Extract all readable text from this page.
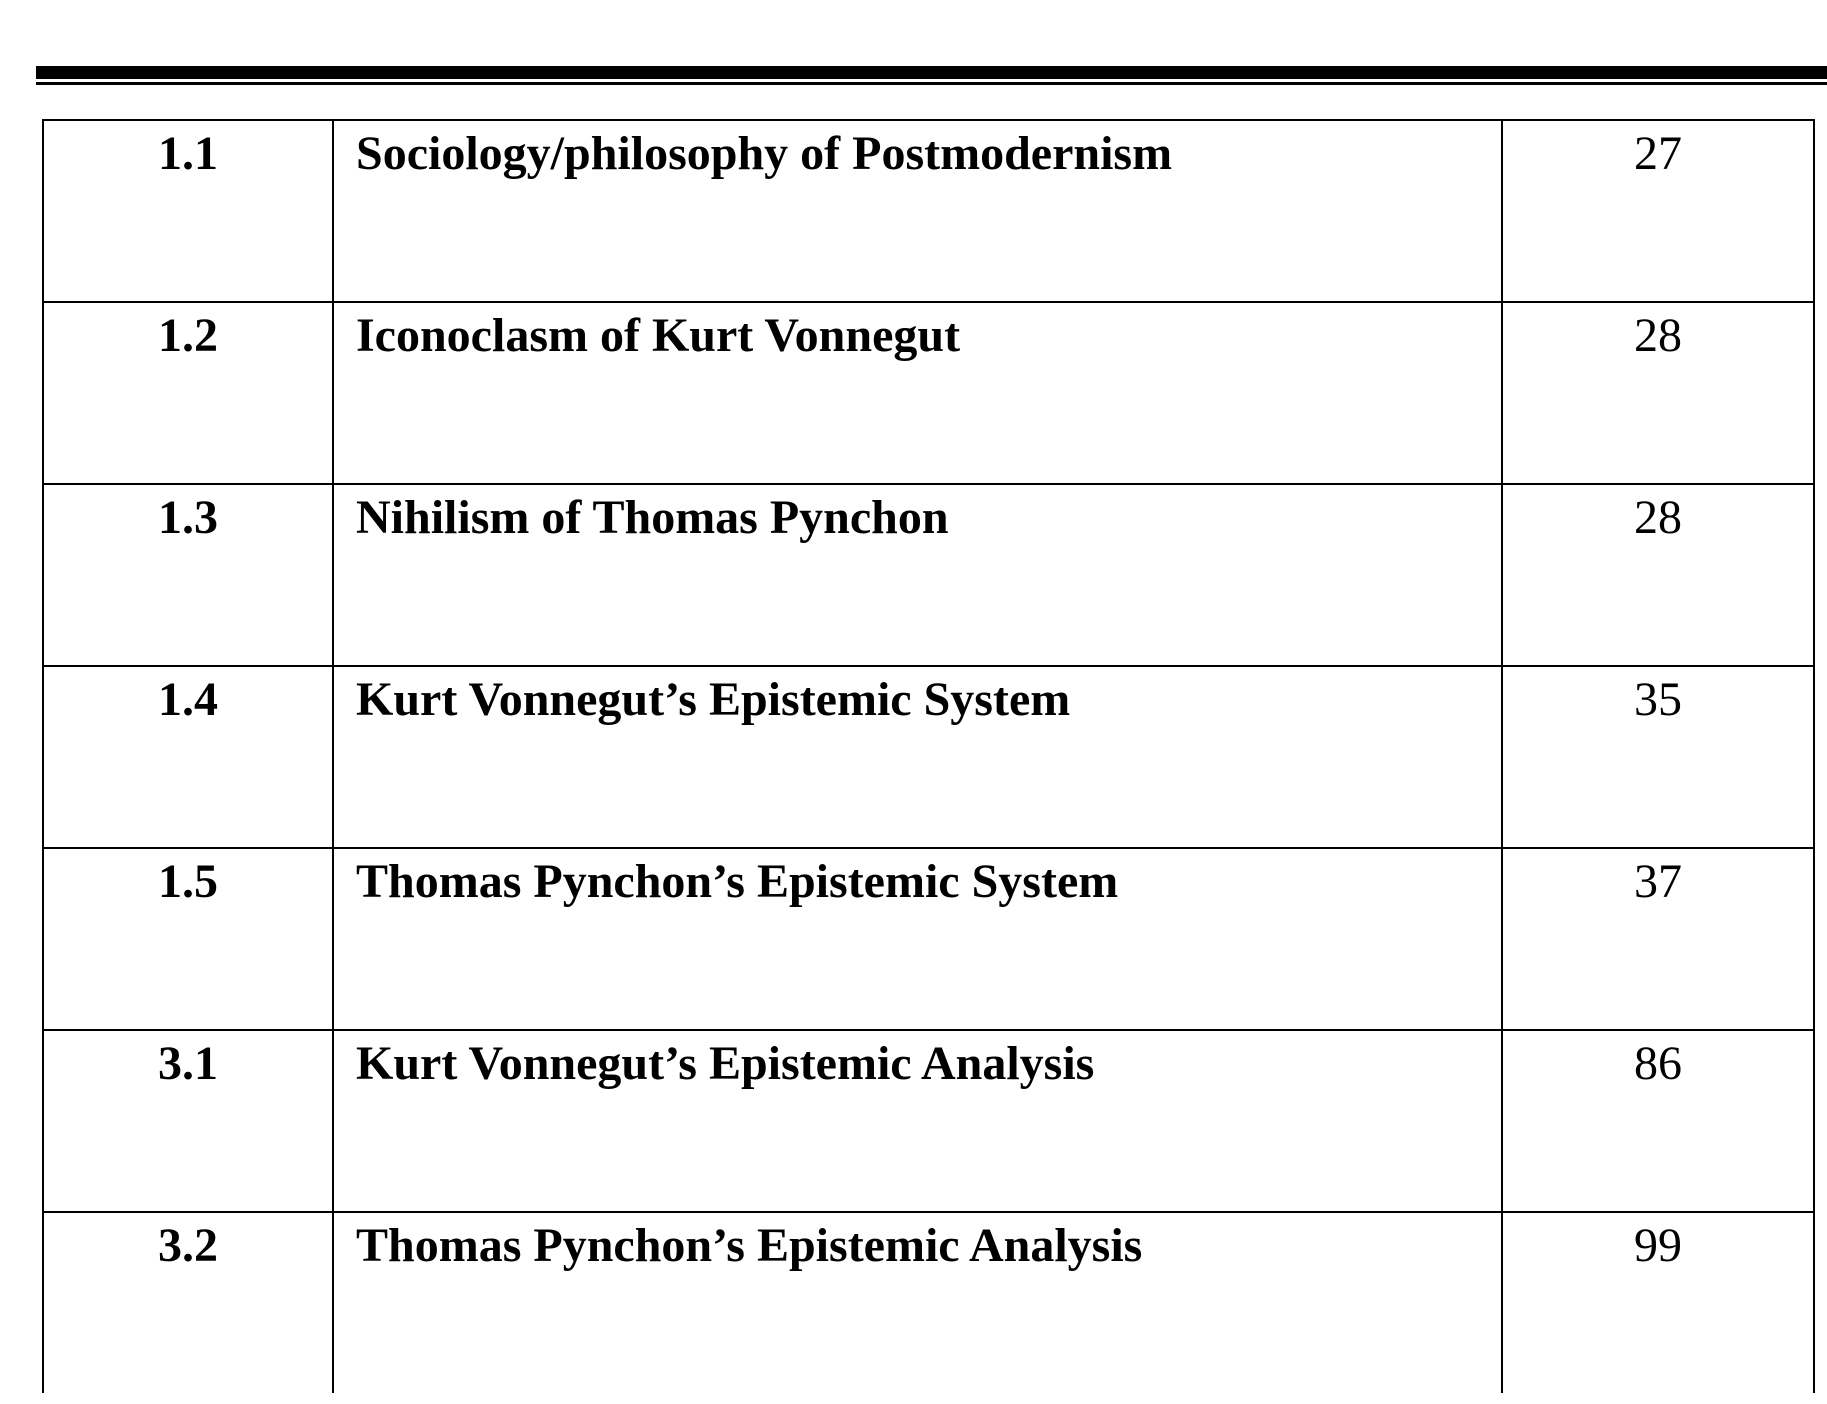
1.1	Sociology/philosophy of Postmodernism	27

1.2	Iconoclasm of Kurt Vonnegut	28

1.3	Nihilism of Thomas Pynchon	28

1.4	Kurt Vonnegut’s Epistemic System	35

1.5	Thomas Pynchon’s Epistemic System	37

3.1	Kurt Vonnegut’s Epistemic Analysis	86

3.2	Thomas Pynchon’s Epistemic Analysis	99
